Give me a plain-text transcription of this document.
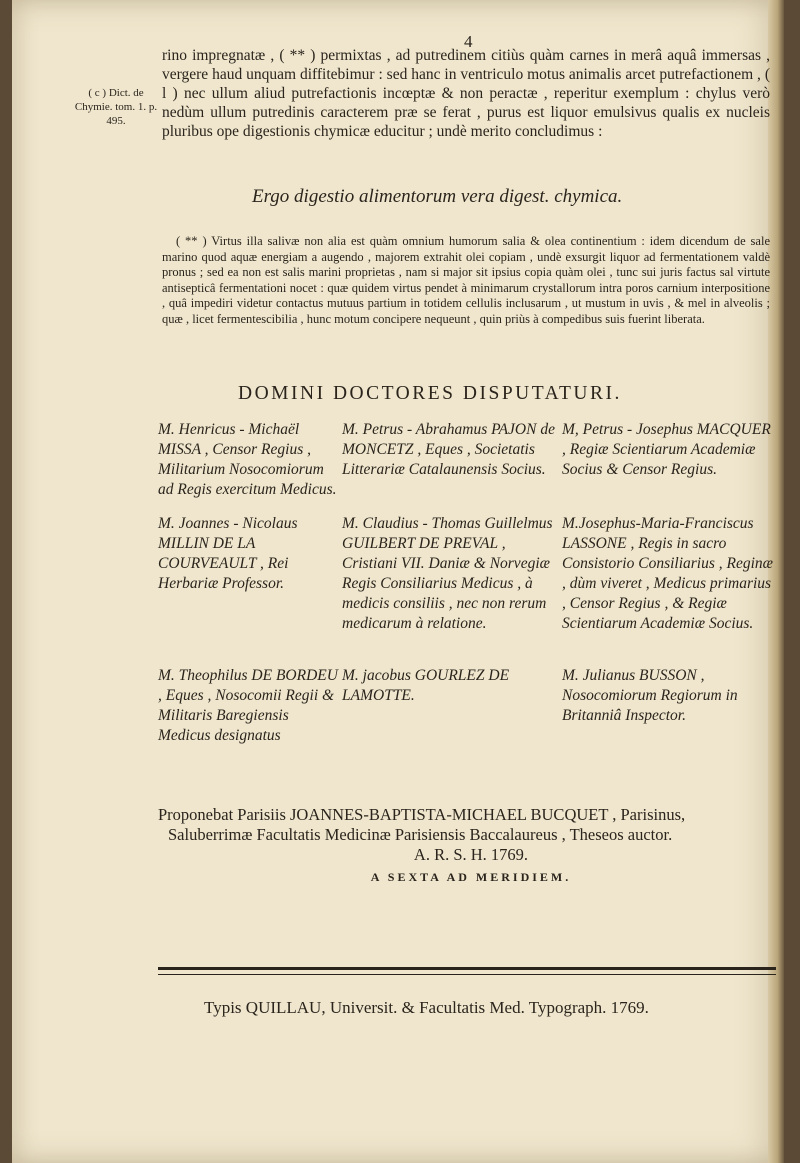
4
( c ) Dict. de Chymie. tom. 1. p. 495.

rino impregnatæ , ( ** ) permixtas , ad putredinem citiùs quàm carnes in merâ aquâ immersas , vergere haud unquam diffitebimur : sed hanc in ventriculo motus animalis arcet putrefactionem , ( l ) nec ullum aliud putrefactionis incœptæ & non peractæ , reperitur exemplum : chylus verò nedùm ullum putredinis caracterem præ se ferat , purus est liquor emulsivus qualis ex nucleis pluribus ope digestionis chymicæ educitur ; undè merito concludimus :

Ergo digestio alimentorum vera digest. chymica.

( ** ) Virtus illa salivæ non alia est quàm omnium humorum salia & olea continentium : idem dicendum de sale marino quod aquæ energiam a augendo , majorem extrahit olei copiam , undè exsurgit liquor ad fermentationem valdè pronus ; sed ea non est salis marini proprietas , nam si major sit ipsius copia quàm olei , tunc sui juris factus sal virtute antisepticâ fermentationi nocet : quæ quidem virtus pendet à minimarum crystallorum intra poros carnium interpositione , quâ impediri videtur contactus mutuus partium in totidem cellulis inclusarum , ut mustum in uvis , & mel in alveolis ; quæ , licet fermentescibilia , hunc motum concipere nequeunt , quin priùs à compedibus suis fuerint liberata.

DOMINI DOCTORES DISPUTATURI.
M. Henricus - Michaël MISSA , Censor Regius , Militarium Nosocomiorum ad Regis exercitum Medicus.
M. Petrus - Abrahamus PAJON de MONCETZ , Eques , Societatis Litterariæ Catalaunensis Socius.
M, Petrus - Josephus MACQUER , Regiæ Scientiarum Academiæ Socius & Censor Regius.
M. Joannes - Nicolaus MILLIN DE LA COURVEAULT , Rei Herbariæ Professor.
M. Claudius - Thomas Guillelmus GUILBERT DE PREVAL , Cristiani VII. Daniæ & Norvegiæ Regis Consiliarius Medicus , à medicis consiliis , nec non rerum medicarum à relatione.
M.Josephus-Maria-Franciscus LASSONE , Regis in sacro Consistorio Consiliarius , Reginæ , dùm viveret , Medicus primarius , Censor Regius , & Regiæ Scientiarum Academiæ Socius.
M. Theophilus DE BORDEU , Eques , Nosocomii Regii & Militaris Baregiensis Medicus designatus
M. jacobus GOURLEZ DE LAMOTTE.
M. Julianus BUSSON , Nosocomiorum Regiorum in Britanniâ Inspector.

Proponebat Parisiis JOANNES-BAPTISTA-MICHAEL BUCQUET , Parisinus,

Saluberrimæ Facultatis Medicinæ Parisiensis Baccalaureus , Theseos auctor.

A. R. S. H. 1769.

A SEXTA AD MERIDIEM.

Typis QUILLAU, Universit. & Facultatis Med. Typograph. 1769.
